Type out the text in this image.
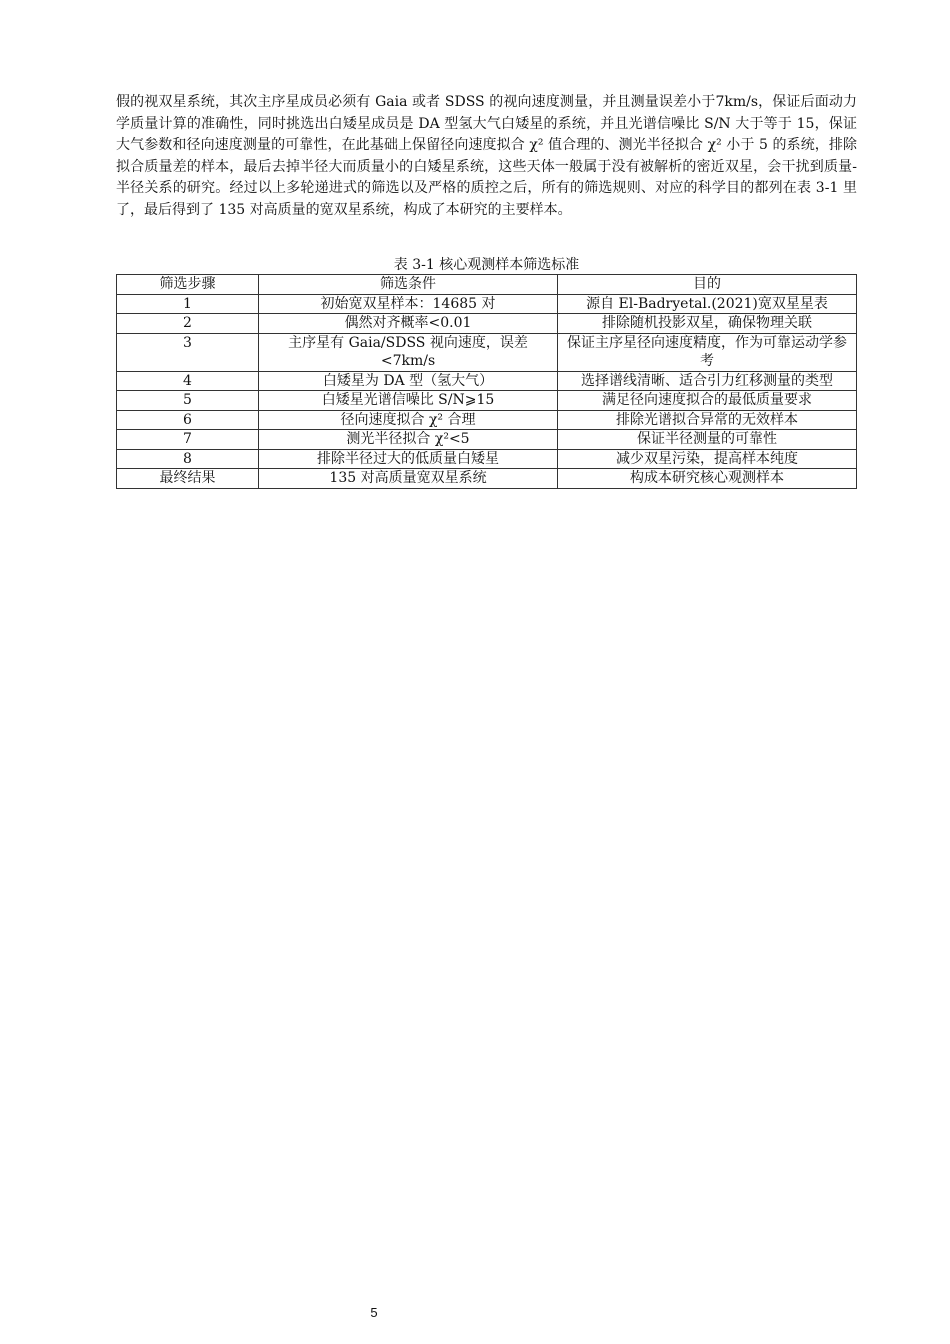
假的视双星系统，其次主序星成员必须有 Gaia 或者 SDSS 的视向速度测量，并且测量误差小于7km/s，保证后面动力学质量计算的准确性，同时挑选出白矮星成员是 DA 型氢大气白矮星的系统，并且光谱信噪比 S/N 大于等于 15，保证大气参数和径向速度测量的可靠性，在此基础上保留径向速度拟合 χ² 值合理的、测光半径拟合 χ² 小于 5 的系统，排除拟合质量差的样本，最后去掉半径大而质量小的白矮星系统，这些天体一般属于没有被解析的密近双星，会干扰到质量-半径关系的研究。经过以上多轮递进式的筛选以及严格的质控之后，所有的筛选规则、对应的科学目的都列在表 3-1 里了，最后得到了 135 对高质量的宽双星系统，构成了本研究的主要样本。

表 3-1 核心观测样本筛选标准
筛选步骤	筛选条件	目的
1	初始宽双星样本：14685 对	源自 El-Badryetal.(2021)宽双星星表
2	偶然对齐概率<0.01	排除随机投影双星，确保物理关联
3	主序星有 Gaia/SDSS 视向速度，误差<7km/s	保证主序星径向速度精度，作为可靠运动学参考
4	白矮星为 DA 型（氢大气）	选择谱线清晰、适合引力红移测量的类型
5	白矮星光谱信噪比 S/N⩾15	满足径向速度拟合的最低质量要求
6	径向速度拟合 χ² 合理	排除光谱拟合异常的无效样本
7	测光半径拟合 χ²<5	保证半径测量的可靠性
8	排除半径过大的低质量白矮星	减少双星污染，提高样本纯度
最终结果	135 对高质量宽双星系统	构成本研究核心观测样本
5
